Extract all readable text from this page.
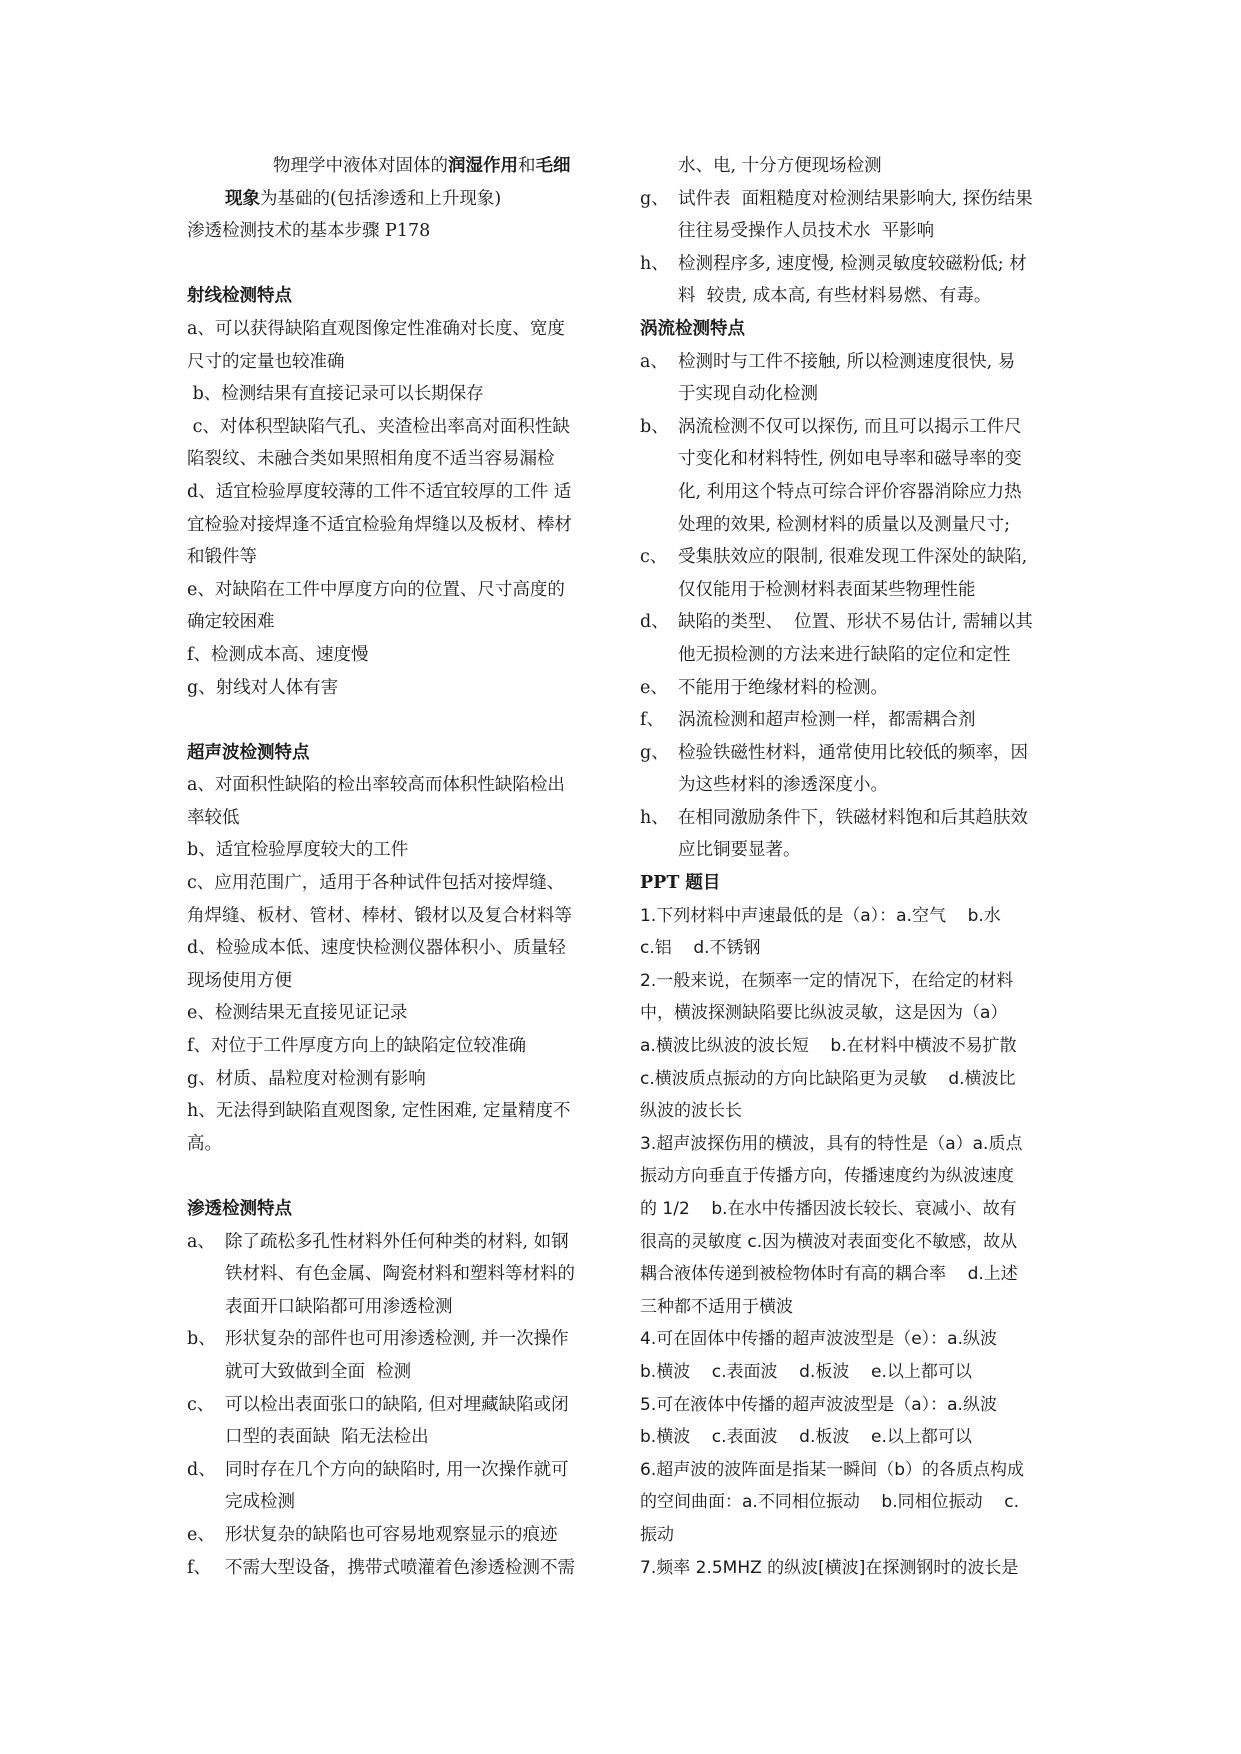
物理学中液体对固体的润湿作用和毛细
现象为基础的(包括渗透和上升现象)
渗透检测技术的基本步骤 P178
射线检测特点
a、可以获得缺陷直观图像定性准确对长度、宽度
尺寸的定量也较准确
b、检测结果有直接记录可以长期保存
c、对体积型缺陷气孔、夹渣检出率高对面积性缺
陷裂纹、未融合类如果照相角度不适当容易漏检
d、适宜检验厚度较薄的工件不适宜较厚的工件 适
宜检验对接焊逢不适宜检验角焊缝以及板材、棒材
和锻件等
e、对缺陷在工件中厚度方向的位置、尺寸高度的
确定较困难
f、检测成本高、速度慢
g、射线对人体有害
超声波检测特点
a、对面积性缺陷的检出率较高而体积性缺陷检出
率较低
b、适宜检验厚度较大的工件
c、应用范围广，适用于各种试件包括对接焊缝、
角焊缝、板材、管材、棒材、锻材以及复合材料等
d、检验成本低、速度快检测仪器体积小、质量轻
现场使用方便
e、检测结果无直接见证记录
f、对位于工件厚度方向上的缺陷定位较准确
g、材质、晶粒度对检测有影响
h、无法得到缺陷直观图象, 定性困难, 定量精度不
高。
渗透检测特点
a、 除了疏松多孔性材料外任何种类的材料, 如钢
铁材料、有色金属、陶瓷材料和塑料等材料的
表面开口缺陷都可用渗透检测
b、 形状复杂的部件也可用渗透检测, 并一次操作
就可大致做到全面  检测
c、 可以检出表面张口的缺陷, 但对埋藏缺陷或闭
口型的表面缺  陷无法检出
d、 同时存在几个方向的缺陷时, 用一次操作就可
完成检测
e、 形状复杂的缺陷也可容易地观察显示的痕迹
f、 不需大型设备，携带式喷灌着色渗透检测不需
水、电, 十分方便现场检测
g、 试件表  面粗糙度对检测结果影响大, 探伤结果
往往易受操作人员技术水  平影响
h、 检测程序多, 速度慢, 检测灵敏度较磁粉低; 材
料  较贵, 成本高, 有些材料易燃、有毒。
涡流检测特点
a、 检测时与工件不接触, 所以检测速度很快, 易
于实现自动化检测
b、 涡流检测不仅可以探伤, 而且可以揭示工件尺
寸变化和材料特性, 例如电导率和磁导率的变
化, 利用这个特点可综合评价容器消除应力热
处理的效果, 检测材料的质量以及测量尺寸;
c、 受集肤效应的限制, 很难发现工件深处的缺陷,
仅仅能用于检测材料表面某些物理性能
d、 缺陷的类型、  位置、形状不易估计, 需辅以其
他无损检测的方法来进行缺陷的定位和定性
e、 不能用于绝缘材料的检测。
f、 涡流检测和超声检测一样，都需耦合剂
g、 检验铁磁性材料，通常使用比较低的频率，因
为这些材料的渗透深度小。
h、 在相同激励条件下，铁磁材料饱和后其趋肤效
应比铜要显著。
PPT 题目
1.下列材料中声速最低的是（a）：a.空气    b.水
c.铝    d.不锈钢
2.一般来说，在频率一定的情况下，在给定的材料
中，横波探测缺陷要比纵波灵敏，这是因为（a）
a.横波比纵波的波长短    b.在材料中横波不易扩散
c.横波质点振动的方向比缺陷更为灵敏    d.横波比
纵波的波长长
3.超声波探伤用的横波，具有的特性是（a）a.质点
振动方向垂直于传播方向，传播速度约为纵波速度
的 1/2    b.在水中传播因波长较长、衰减小、故有
很高的灵敏度 c.因为横波对表面变化不敏感，故从
耦合液体传递到被检物体时有高的耦合率    d.上述
三种都不适用于横波
4.可在固体中传播的超声波波型是（e）：a.纵波
b.横波    c.表面波    d.板波    e.以上都可以
5.可在液体中传播的超声波波型是（a）：a.纵波
b.横波    c.表面波    d.板波    e.以上都可以
6.超声波的波阵面是指某一瞬间（b）的各质点构成
的空间曲面：a.不同相位振动    b.同相位振动    c.
振动
7.频率 2.5MHZ 的纵波[横波]在探测钢时的波长是
